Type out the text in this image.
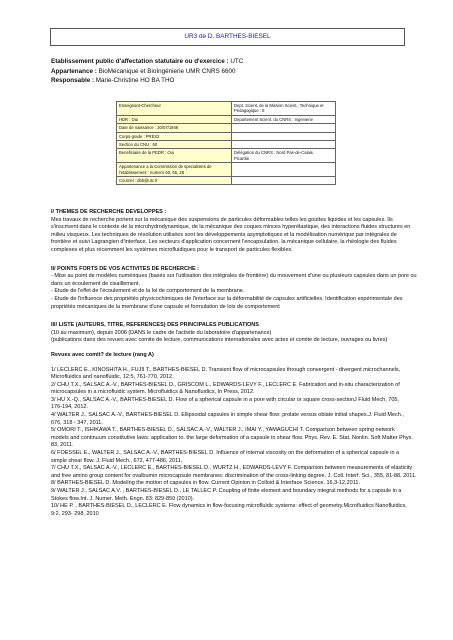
UR3 de D. BARTHES-BIESEL
Etablissement public d'affectation statutaire ou d'exercice : UTC
Appartenance : BioMécanique et BioIngénierie UMR CNRS 6600
Responsable : Marie-Christine HO BA THO
Enseignant-Chercheur	Dept. Scient. de la Mission Scient., Technique et
Pédagogique : 8

HDR : Oui	Departement Scient. du CNRS : Ingenierie

Date de naissance : 30/07/1946	

Corps-grade : PREX2	

Section du CNU : 60	

Beneficiaire de la PEDR : Oui	Délégation du CNRS : Nord Pas-de-Calais
Picardie

Appartenance a la Commission de specialistes de
l'etablissement : numero 60, 65, 28	

Courriel : dbb@utc.fr	

I/ THEMES DE RECHERCHE DEVELOPPES :

Mes travaux de recherche portent sur la mécanique des suspensions de particules déformables telles les gouttes liquides et les capsules. Ils

s'inscrivent dans le contexte de la microhydrodynamique, de la mécanique des coques minces hyperélastique, des interactions fluides structures en

milieu visqueux. Les techniques de résolution utilisées sont les développements asymptotiques et la modélisation numérique par intégrales de

frontière et suivi Lagrangien d'interface. Les secteurs d'application concernent l'encapsulation. la mécanique cellulaire, la rhéologie des fluides

complexes et plus récemment les systèmes microfluidiques pour le transport de particules flexibles.

II/ POINTS FORTS DE VOS ACTIVITES DE RECHERCHE :

- Mise au point de modèles numériques (basés sur l'utilisation des intégrales de frontière) du mouvement d'une ou plusieurs capsules dans un pore ou

dans un écoulement de cisaillement.

- Etude de l'effet de l'écoulement et de la loi de comportement de la membrane.

- Etude de l'influence des propriétés physicochimiques de l'interface sur la déformabilité de capsules artificielles. Identification expérimentale des

propriétés mécaniques de la membrane d'une capsule et formulation de lois de comportement

III/ LISTE (AUTEURS, TITRE, REFERENCES) DES PRINCIPALES PUBLICATIONS

(10 au maximum), depuis 2006 (DANS le cadre de l'activite du laboratoire d'appartenance)

(publications dans des revues avec comite de lecture, communications internationales avec actes et comite de lecture, ouvrages ou livres)

Revues avec comit? de lecture (rang A)

1/ LECLERC E., KINOSHITA H., FUJII T., BARTHES-BIESEL D. Transient flow of microcapsules through convergent - divergent microchannels,

Microfluidics and nanofluidic, 12:5, 761-770, 2012.

2/ CHU T.X., SALSAC A.-V., BARTHES-BIESEL D., GRISCOM L., EDWARDS-LEVY F., LECLERC E. Fabrication and in-situ characterization of

microcapsules in a microfluidic system. Microfluidics & Nanofluidics, In Press, 2012.

3/ HU X.-Q., SALSAC A.-V., BARTHES-BIESEL D. Flow of a spherical capsule in a pore with circular or square cross-sectionJ Fluid Mech, 705,

176-194, 2012.

4/ WALTER J., SALSAC A.-V., BARTHES-BIESEL D. Ellipsoidal capsules in simple shear flow: prolate versus oblate initial shapes.J. Fluid Mech.,

676, 318 - 347, 2011.

5/ OMORI T., ISHIKAWA T., BARTHES-BIESEL D., SALSAC A.-V., WALTER J., IMAI Y., YAMAGUCHI T. Comparison between spring network

models and continuum constitutive laws: application to. the large deformation of a capsule in shear flow. Phys. Rev. E. Stat. Nonlin. Soft Matter Phys.

83, 2011.

6/ FOESSEL E., WALTER J., SALSAC A.-V., BARTHES-BIESEL D. Influence of internal viscosity on the deformation of a spherical capsule in a

simple shear flow. J. Fluid Mech., 672, 477-486, 2011.

7/ CHU T.X., SALSAC A.-V., LECLERC E., BARTHES-BIESEL D., WURTZ H., EDWARDS-LEVY F. Comparison between measurements of elasticity

and free amino group content for ovalbumin microcapsule membranes: discrimination of the cross-linking degree. J. Coll. Interf. Sci., 355, 81-88, 2011.

8/ BARTHES-BIESEL D. Modeling the motion of capsules in flow. Current Opinion in Colloid & Interface Science. 16,3-12,2011.

9/ WALTER J., SALSAC A.V. , BARTHES-BIESEL D., LE TALLEC P. Coupling of finite element and boundary integral methods for a capsule in a

Stokes flow.Int. J. Numer. Meth. Engn. 83: 829-850 (2010).

10/ HE P. , BARTHES-BIESEL D., LECLERC E. Flow dynamics in flow-focusing microfluidic systems: effect of geometry.Microfluidics Nanofluidics,

9:2, 293- 298, 2010
